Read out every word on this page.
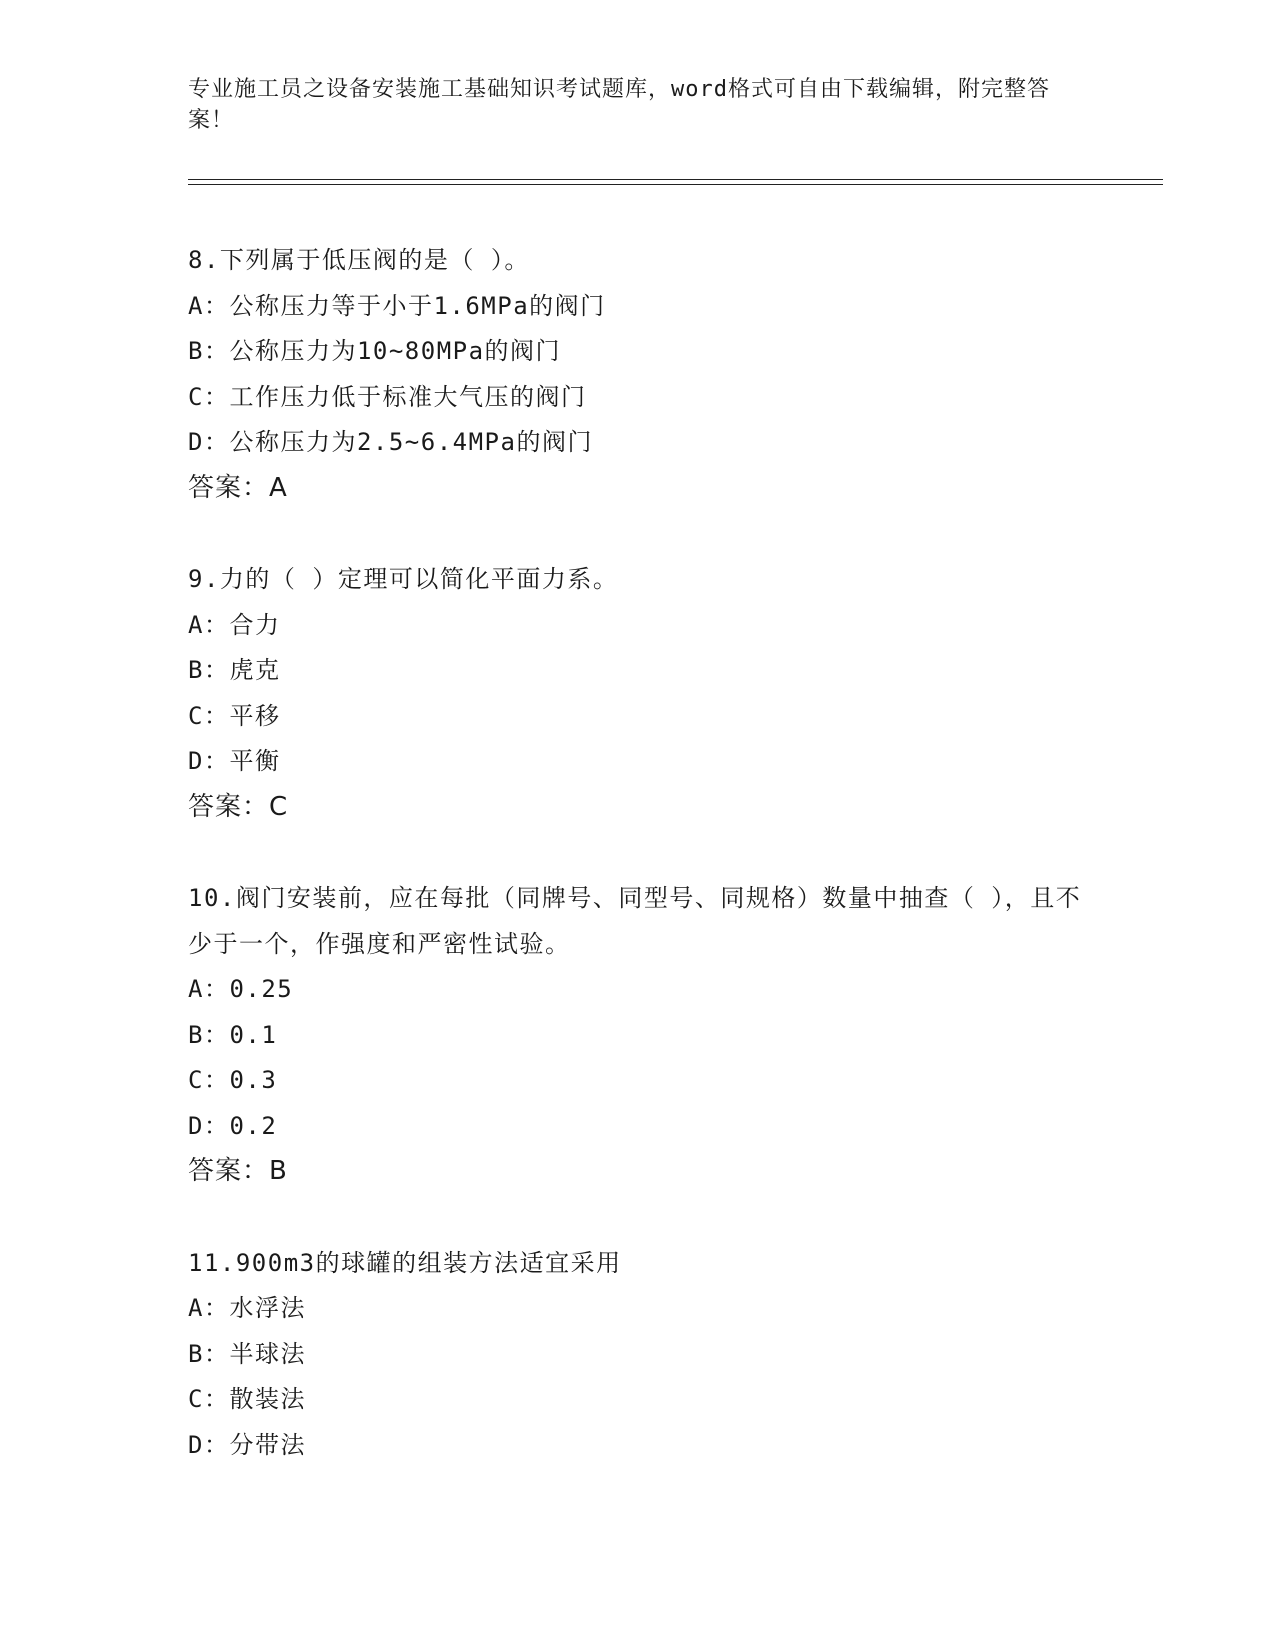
专业施工员之设备安装施工基础知识考试题库，word格式可自由下载编辑，附完整答案！
8.下列属于低压阀的是（ ）。
A：公称压力等于小于1.6MPa的阀门
B：公称压力为10~80MPa的阀门
C：工作压力低于标准大气压的阀门
D：公称压力为2.5~6.4MPa的阀门
答案：A
9.力的（ ）定理可以简化平面力系。
A：合力
B：虎克
C：平移
D：平衡
答案：C
10.阀门安装前，应在每批（同牌号、同型号、同规格）数量中抽查（ ），且不少于一个，作强度和严密性试验。
A：0.25
B：0.1
C：0.3
D：0.2
答案：B
11.900m3的球罐的组装方法适宜采用
A：水浮法
B：半球法
C：散装法
D：分带法
